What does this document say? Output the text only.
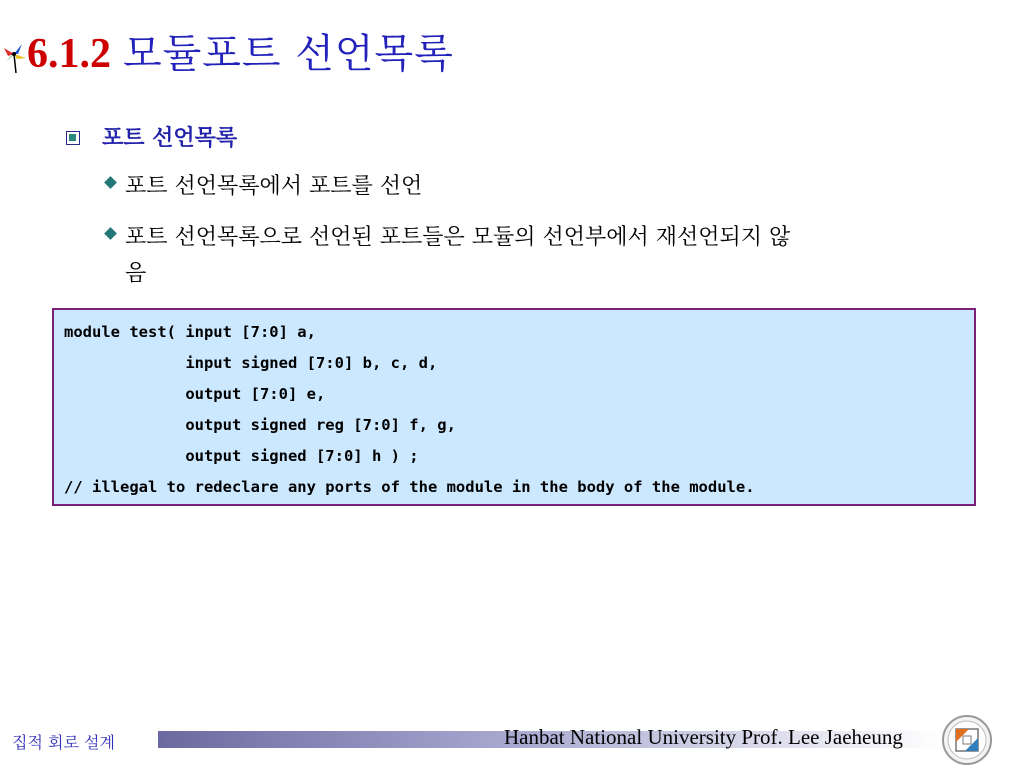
6.1.2 모듈포트 선언목록
포트 선언목록
포트 선언목록에서 포트를 선언
포트 선언목록으로 선언된 포트들은 모듈의 선언부에서 재선언되지 않
음
module test( input [7:0] a,
input signed [7:0] b, c, d,
output [7:0] e,
output signed reg [7:0] f, g,
output signed [7:0] h ) ;
// illegal to redeclare any ports of the module in the body of the module.
집적 회로 설계	Hanbat National University Prof. Lee Jaeheung
